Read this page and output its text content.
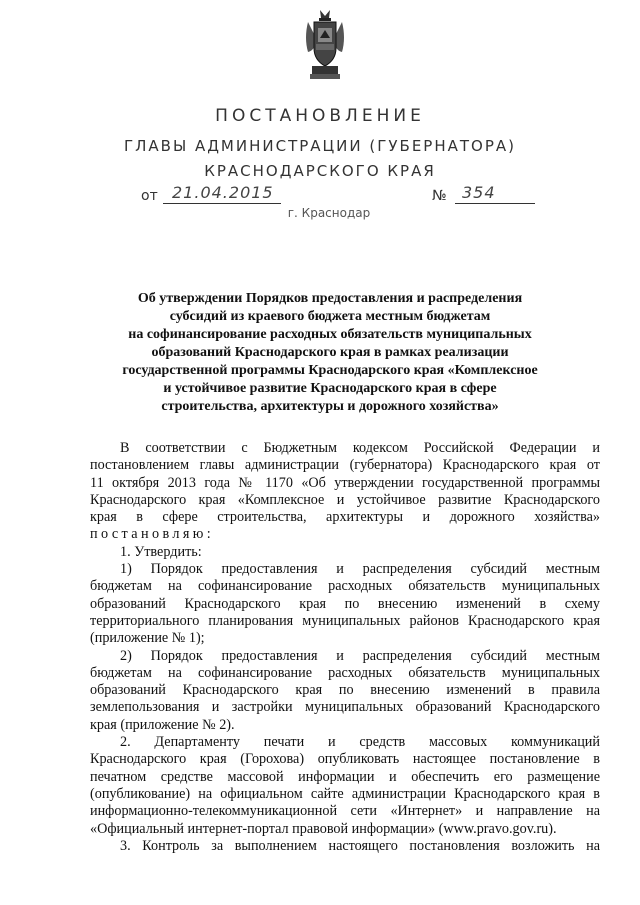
ПОСТАНОВЛЕНИЕ
ГЛАВЫ АДМИНИСТРАЦИИ (ГУБЕРНАТОРА)
КРАСНОДАРСКОГО КРАЯ
от 21.04.2015	№ 354
г. Краснодар
Об утверждении Порядков предоставления и распределения
субсидий из краевого бюджета местным бюджетам
на софинансирование расходных обязательств муниципальных
образований Краснодарского края в рамках реализации
государственной программы Краснодарского края «Комплексное
и устойчивое развитие Краснодарского края в сфере
строительства, архитектуры и дорожного хозяйства»
В соответствии с Бюджетным кодексом Российской Федерации и
постановлением главы администрации (губернатора) Краснодарского края от
11 октября 2013 года № 1170 «Об утверждении государственной программы
Краснодарского края «Комплексное и устойчивое развитие Краснодарского
края в сфере строительства, архитектуры и дорожного хозяйства»
постановляю:
1. Утвердить:
1) Порядок предоставления и распределения субсидий местным
бюджетам на софинансирование расходных обязательств муниципальных
образований Краснодарского края по внесению изменений в схему
территориального планирования муниципальных районов Краснодарского края
(приложение № 1);
2) Порядок предоставления и распределения субсидий местным
бюджетам на софинансирование расходных обязательств муниципальных
образований Краснодарского края по внесению изменений в правила
землепользования и застройки муниципальных образований Краснодарского
края (приложение № 2).
2. Департаменту печати и средств массовых коммуникаций
Краснодарского края (Горохова) опубликовать настоящее постановление в
печатном средстве массовой информации и обеспечить его размещение
(опубликование) на официальном сайте администрации Краснодарского края в
информационно-телекоммуникационной сети «Интернет» и направление на
«Официальный интернет-портал правовой информации» (www.pravo.gov.ru).
3. Контроль за выполнением настоящего постановления возложить на
